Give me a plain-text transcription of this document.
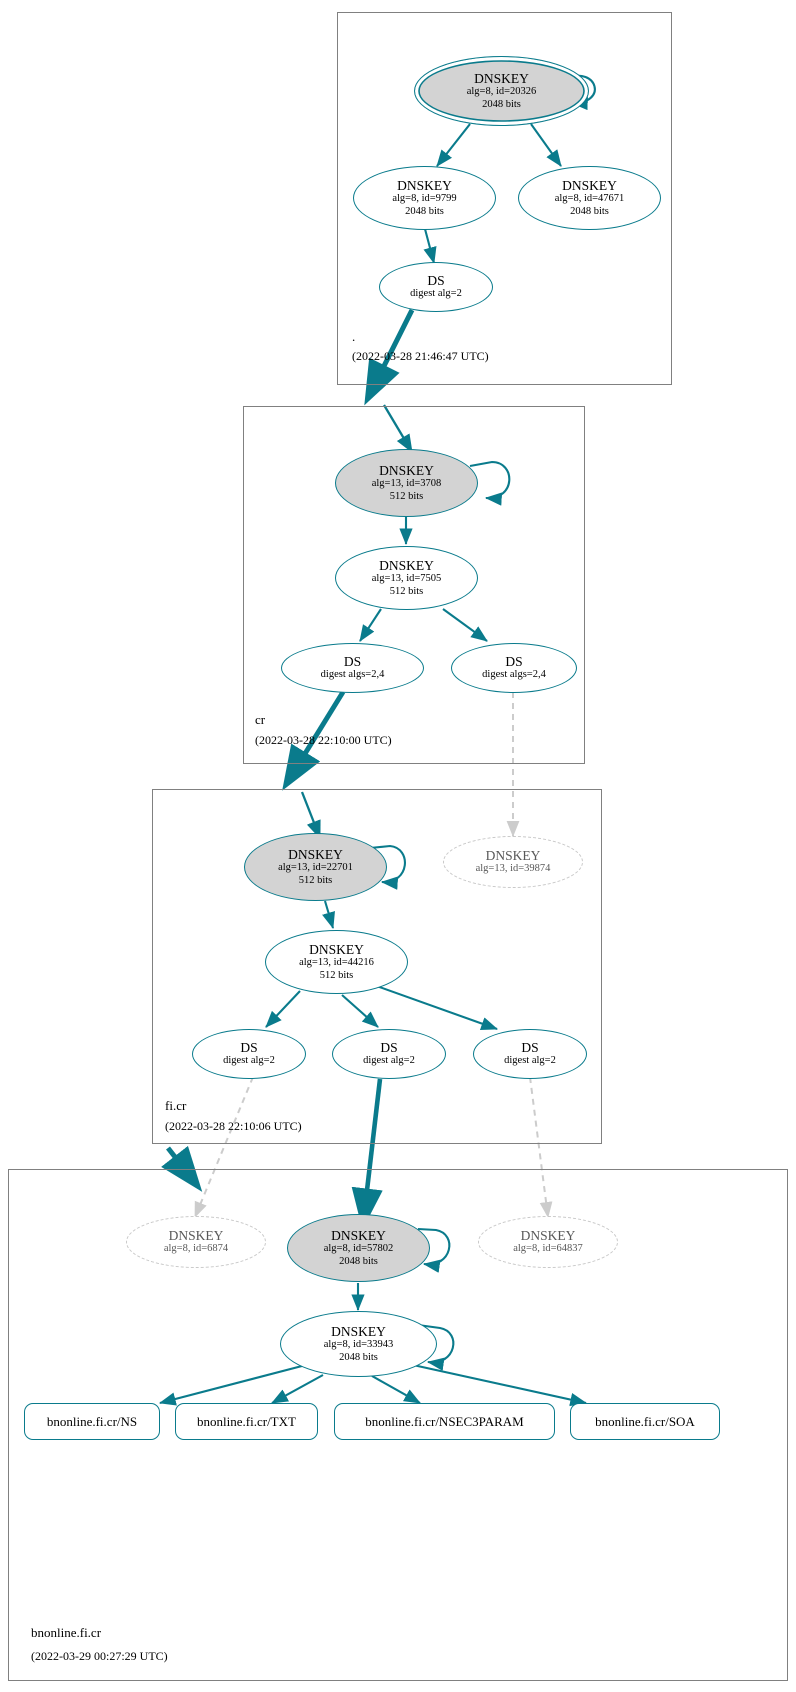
.
(2022-03-28 21:46:47 UTC)
cr
(2022-03-28 22:10:00 UTC)
fi.cr
(2022-03-28 22:10:06 UTC)
bnonline.fi.cr
(2022-03-29 00:27:29 UTC)
DNSKEY
alg=8, id=20326
2048 bits
DNSKEY
alg=8, id=9799
2048 bits
DNSKEY
alg=8, id=47671
2048 bits
DS
digest alg=2
DNSKEY
alg=13, id=3708
512 bits
DNSKEY
alg=13, id=7505
512 bits
DS
digest algs=2,4
DS
digest algs=2,4
DNSKEY
alg=13, id=22701
512 bits
DNSKEY
alg=13, id=39874
DNSKEY
alg=13, id=44216
512 bits
DS
digest alg=2
DS
digest alg=2
DS
digest alg=2
DNSKEY
alg=8, id=6874
DNSKEY
alg=8, id=57802
2048 bits
DNSKEY
alg=8, id=64837
DNSKEY
alg=8, id=33943
2048 bits
bnonline.fi.cr/NS	bnonline.fi.cr/TXT	bnonline.fi.cr/NSEC3PARAM	bnonline.fi.cr/SOA
